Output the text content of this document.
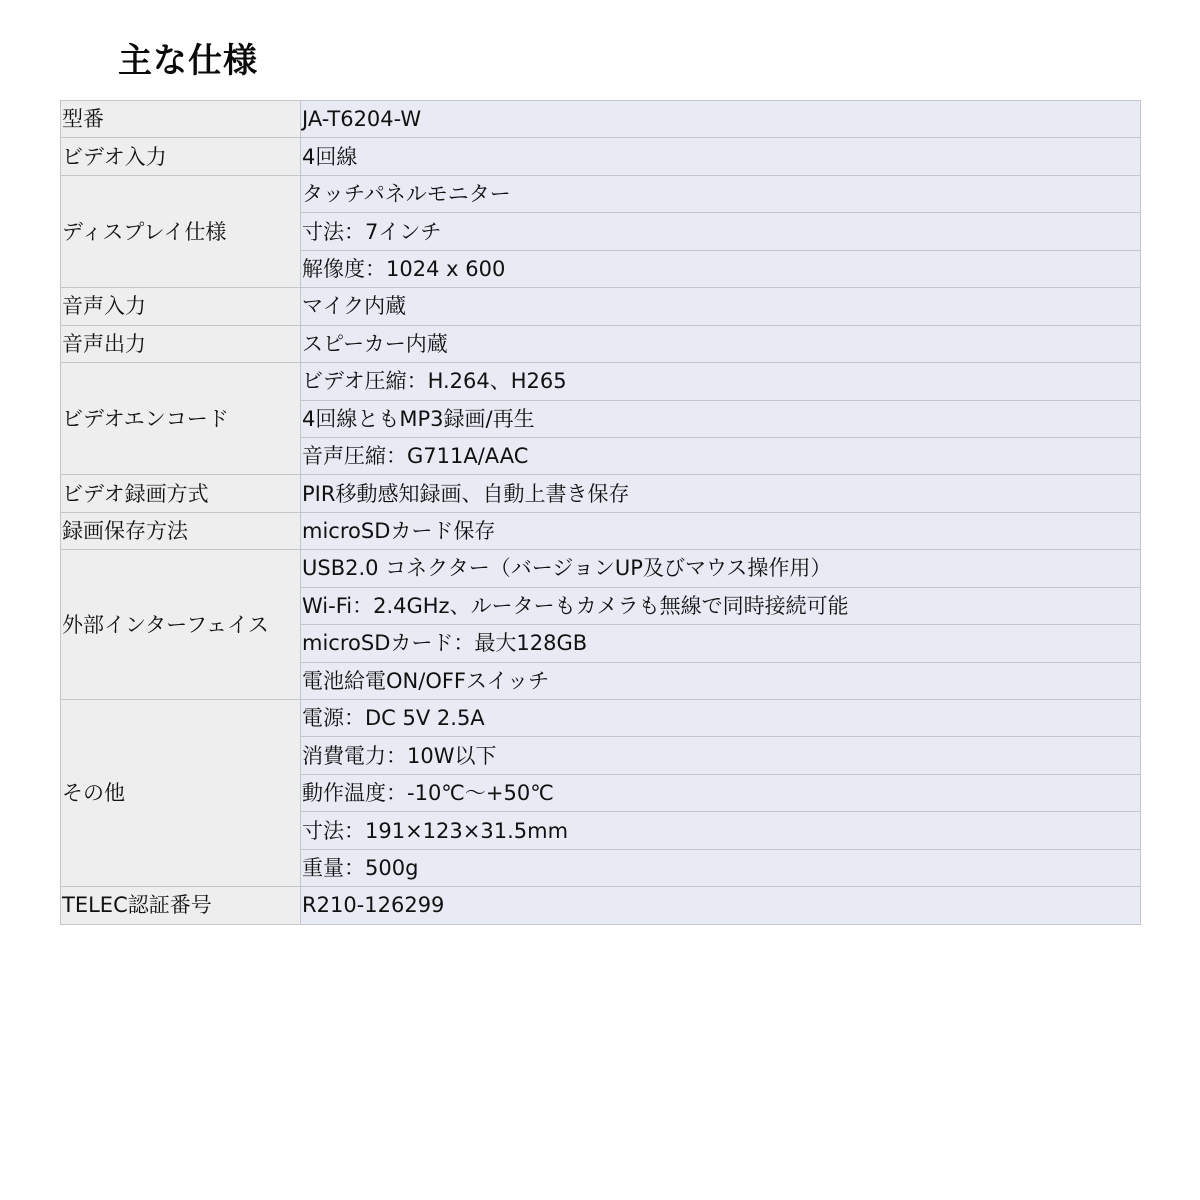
主な仕様
型番	JA-T6204-W
ビデオ入力	4回線
ディスプレイ仕様	タッチパネルモニター
	寸法：7インチ
	解像度：1024 x 600
音声入力	マイク内蔵
音声出力	スピーカー内蔵
ビデオエンコード	ビデオ圧縮：H.264、H265
	4回線ともMP3録画/再生
	音声圧縮：G711A/AAC
ビデオ録画方式	PIR移動感知録画、自動上書き保存
録画保存方法	microSDカード保存
外部インターフェイス	USB2.0 コネクター（バージョンUP及びマウス操作用）
	Wi-Fi：2.4GHz、ルーターもカメラも無線で同時接続可能
	microSDカード：最大128GB
	電池給電ON/OFFスイッチ
その他	電源：DC 5V 2.5A
	消費電力：10W以下
	動作温度：-10℃～+50℃
	寸法：191×123×31.5mm
	重量：500g
TELEC認証番号	R210-126299
